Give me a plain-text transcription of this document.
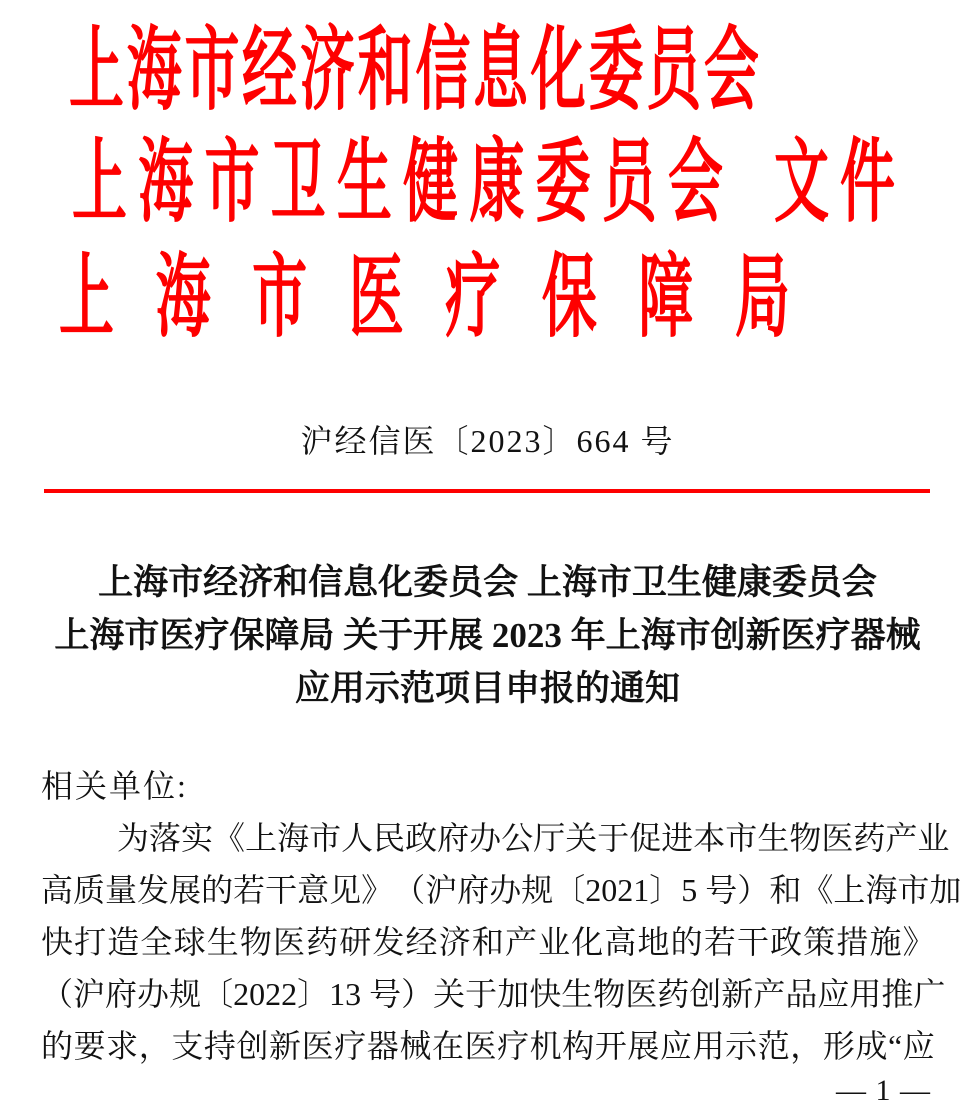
上 海 市 经 济 和 信 息 化 委 员 会
上 海 市 卫 生 健 康 委 员 会 文 件
上 海 市 医 疗 保 障 局
沪经信医〔2023〕664 号
上海市经济和信息化委员会 上海市卫生健康委员会
上海市医疗保障局 关于开展 2023 年上海市创新医疗器械
应用示范项目申报的通知
相关单位:
为 落 实 《 上 海 市 人 民 政 府 办 公 厅 关 于 促 进 本 市 生 物 医 药 产 业
高 质 量 发 展 的 若 干 意 见 》 （ 沪 府 办 规 〔 2021 〕 5 号 ） 和 《 上 海 市 加
快 打 造 全 球 生 物 医 药 研 发 经 济 和 产 业 化 高 地 的 若 干 政 策 措 施 》
（ 沪 府 办 规 〔 2022 〕 13 号 ） 关 于 加 快 生 物 医 药 创 新 产 品 应 用 推 广
的 要 求 ， 支 持 创 新 医 疗 器 械 在 医 疗 机 构 开 展 应 用 示 范 ， 形 成 “ 应
— 1 —
